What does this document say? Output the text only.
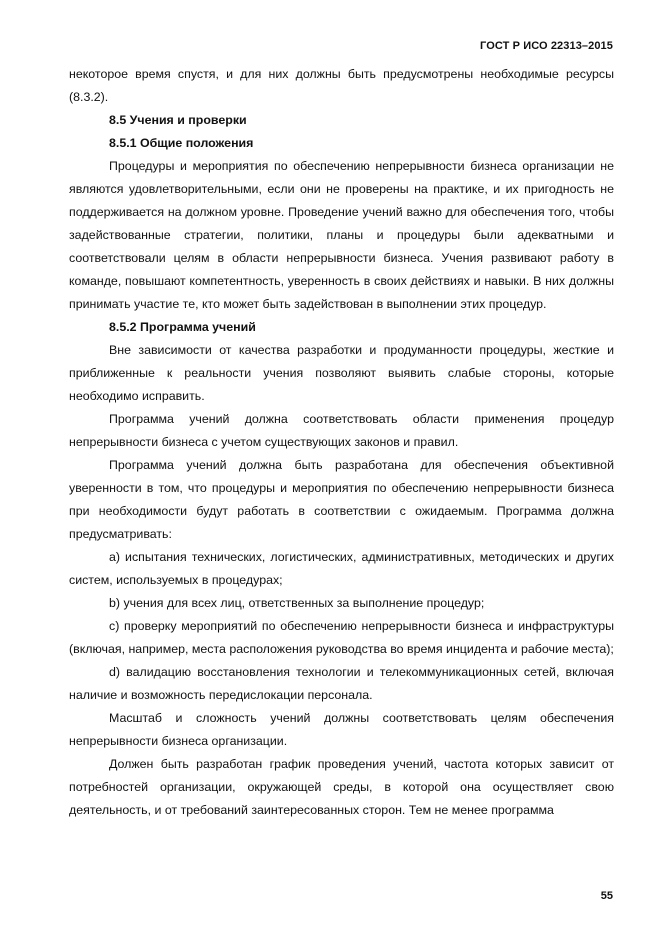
ГОСТ Р ИСО 22313–2015

некоторое время спустя, и для них должны быть предусмотрены необходимые ресурсы (8.3.2).

8.5 Учения и проверки

8.5.1 Общие положения

Процедуры и мероприятия по обеспечению непрерывности бизнеса организации не являются удовлетворительными, если они не проверены на практике, и их пригодность не поддерживается на должном уровне. Проведение учений важно для обеспечения того, чтобы задействованные стратегии, политики, планы и процедуры были адекватными и соответствовали целям в области непрерывности бизнеса. Учения развивают работу в команде, повышают компетентность, уверенность в своих действиях и навыки. В них должны принимать участие те, кто может быть задействован в выполнении этих процедур.

8.5.2 Программа учений

Вне зависимости от качества разработки и продуманности процедуры, жесткие и приближенные к реальности учения позволяют выявить слабые стороны, которые необходимо исправить.

Программа учений должна соответствовать области применения процедур непрерывности бизнеса с учетом существующих законов и правил.

Программа учений должна быть разработана для обеспечения объективной уверенности в том, что процедуры и мероприятия по обеспечению непрерывности бизнеса при необходимости будут работать в соответствии с ожидаемым. Программа должна предусматривать:

а) испытания технических, логистических, административных, методических и других систем, используемых в процедурах;

b) учения для всех лиц, ответственных за выполнение процедур;

c) проверку мероприятий по обеспечению непрерывности бизнеса и инфраструктуры (включая, например, места расположения руководства во время инцидента и рабочие места);

d) валидацию восстановления технологии и телекоммуникационных сетей, включая наличие и возможность передислокации персонала.

Масштаб и сложность учений должны соответствовать целям обеспечения непрерывности бизнеса организации.

Должен быть разработан график проведения учений, частота которых зависит от потребностей организации, окружающей среды, в которой она осуществляет свою деятельность, и от требований заинтересованных сторон. Тем не менее программа

55
